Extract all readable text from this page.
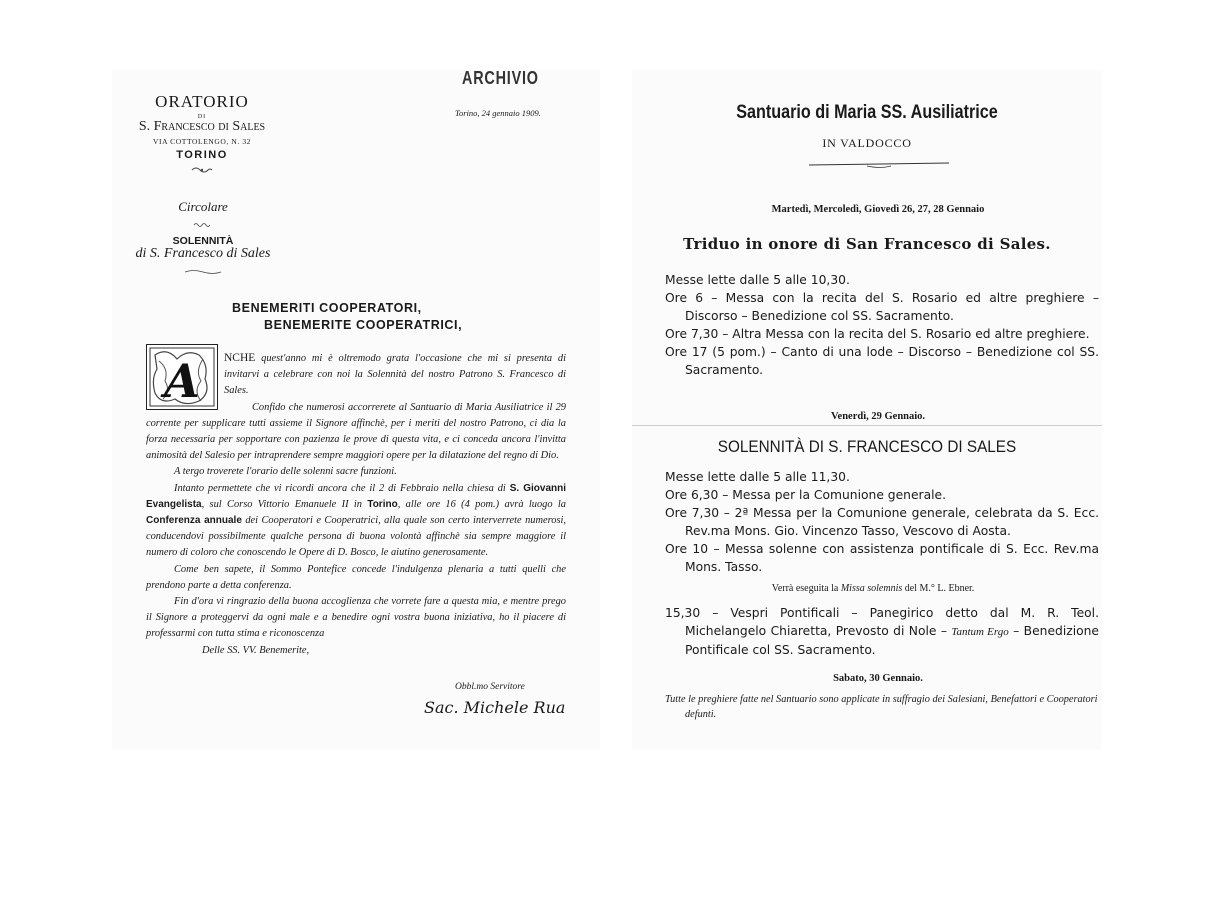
ARCHIVIO
ORATORIO
DI
S. Francesco di Sales
VIA COTTOLENGO, N. 32
TORINO
Torino, 24 gennaio 1909.
Circolare
SOLENNITÀ
di S. Francesco di Sales
BENEMERITI COOPERATORI,
BENEMERITE COOPERATRICI,

A NCHE quest'anno mi è oltremodo grata l'occasione che mi si presenta di invitarvi a celebrare con noi la Solennità del nostro Patrono S. Francesco di Sales.

Confido che numerosi accorrerete al Santuario di Maria Ausiliatrice il 29 corrente per supplicare tutti assieme il Signore affinchè, per i meriti del nostro Patrono, ci dia la forza necessaria per sopportare con pazienza le prove di questa vita, e ci conceda ancora l'invitta animosità del Salesio per intraprendere sempre maggiori opere per la dilatazione del regno di Dio.

A tergo troverete l'orario delle solenni sacre funzioni.

Intanto permettete che vi ricordi ancora che il 2 di Febbraio nella chiesa di S. Giovanni Evangelista, sul Corso Vittorio Emanuele II in Torino, alle ore 16 (4 pom.) avrà luogo la Conferenza annuale dei Cooperatori e Cooperatrici, alla quale son certo interverrete numerosi, conducendovi possibilmente qualche persona di buona volontà affinchè sia sempre maggiore il numero di coloro che conoscendo le Opere di D. Bosco, le aiutino generosamente.

Come ben sapete, il Sommo Pontefice concede l'indulgenza plenaria a tutti quelli che prendono parte a detta conferenza.

Fin d'ora vi ringrazio della buona accoglienza che vorrete fare a questa mia, e mentre prego il Signore a proteggervi da ogni male e a benedire ogni vostra buona iniziativa, ho il piacere di professarmi con tutta stima e riconoscenza

Delle SS. VV. Benemerite,

Obbl.mo Servitore
Sac. Michele Rua
Santuario di Maria SS. Ausiliatrice
IN VALDOCCO
Martedì, Mercoledì, Giovedì 26, 27, 28 Gennaio
Triduo in onore di San Francesco di Sales.

Messe lette dalle 5 alle 10,30.

Ore 6 – Messa con la recita del S. Rosario ed altre preghiere – Discorso – Benedizione col SS. Sacramento.

Ore 7,30 – Altra Messa con la recita del S. Rosario ed altre preghiere.

Ore 17 (5 pom.) – Canto di una lode – Discorso – Benedizione col SS. Sacramento.

Venerdì, 29 Gennaio.
SOLENNITÀ DI S. FRANCESCO DI SALES

Messe lette dalle 5 alle 11,30.

Ore 6,30 – Messa per la Comunione generale.

Ore 7,30 – 2ª Messa per la Comunione generale, celebrata da S. Ecc. Rev.ma Mons. Gio. Vincenzo Tasso, Vescovo di Aosta.

Ore 10 – Messa solenne con assistenza pontificale di S. Ecc. Rev.ma Mons. Tasso.

Verrà eseguita la Missa solemnis del M.° L. Ebner.

15,30 – Vespri Pontificali – Panegirico detto dal M. R. Teol. Michelangelo Chiaretta, Prevosto di Nole – Tantum Ergo – Benedizione Pontificale col SS. Sacramento.

Sabato, 30 Gennaio.
Tutte le preghiere fatte nel Santuario sono applicate in suffragio dei Salesiani, Benefattori e Cooperatori defunti.
